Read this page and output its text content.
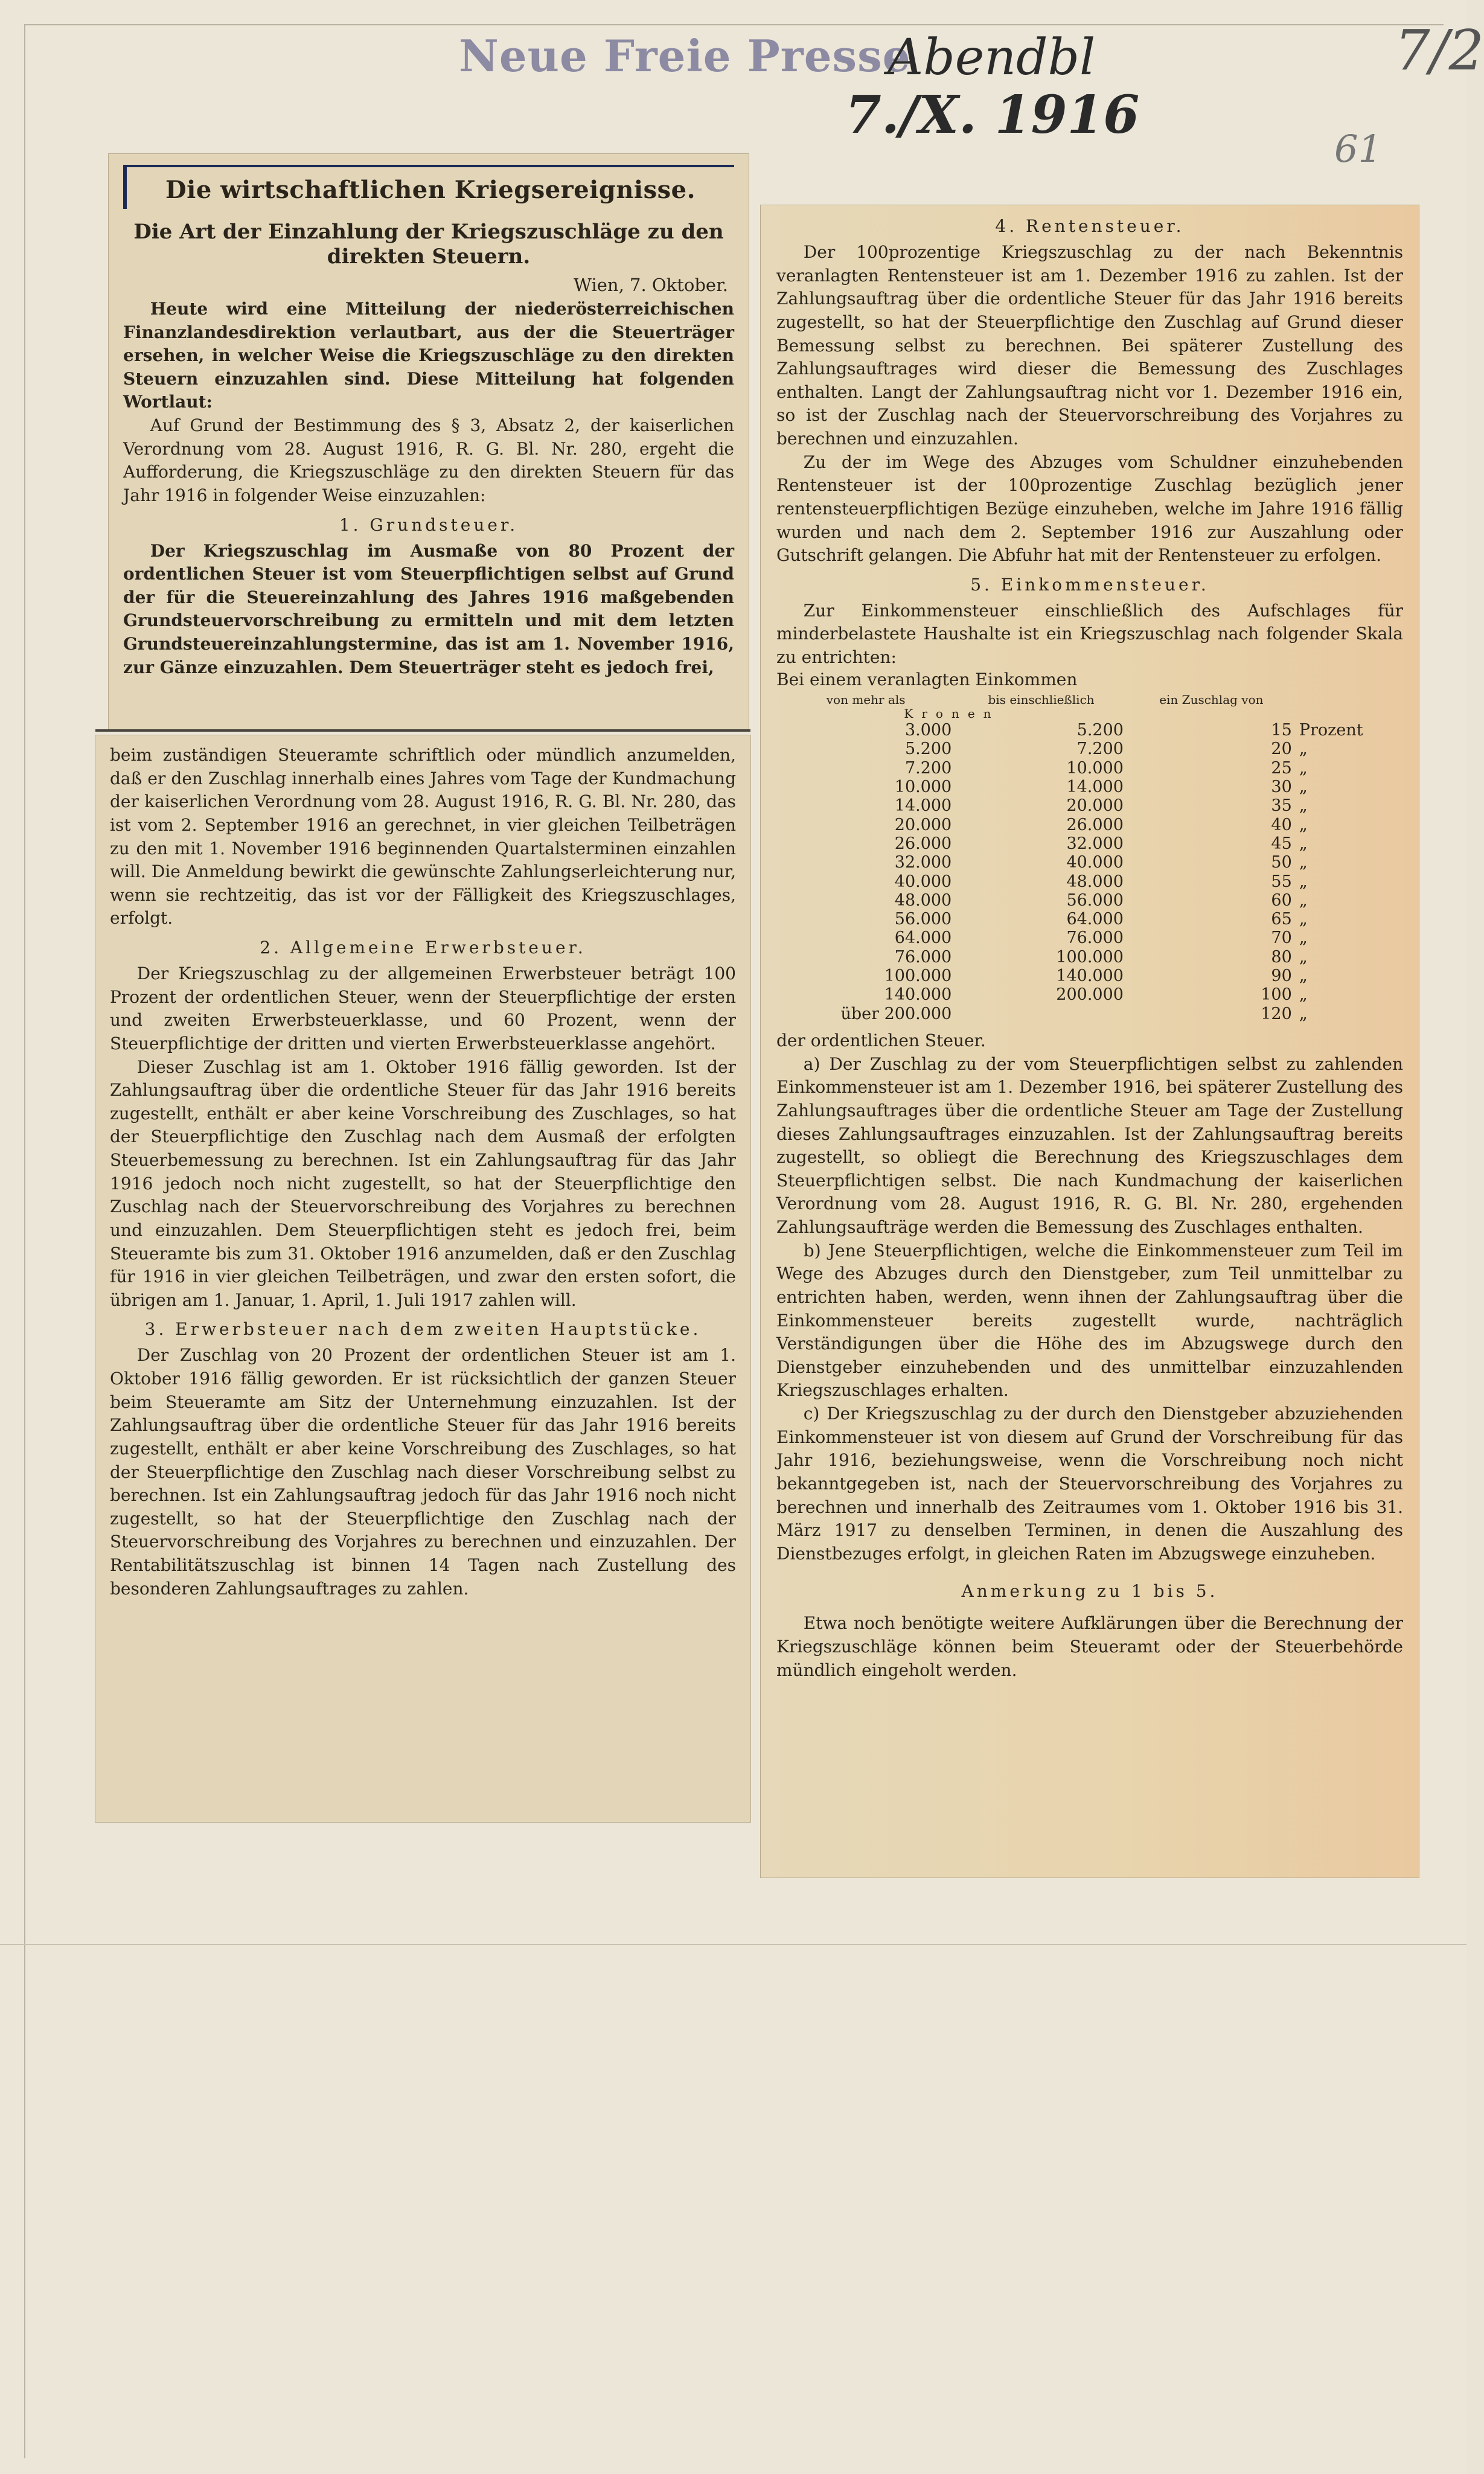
Neue Freie Presse
Abendbl
7./X. 1916
7/2
61
Die wirtschaftlichen Kriegsereignisse.
Die Art der Einzahlung der Kriegszuschläge zu den direkten Steuern.
Wien, 7. Oktober.

Heute wird eine Mitteilung der niederösterreichischen Finanzlandesdirektion verlautbart, aus der die Steuerträger ersehen, in welcher Weise die Kriegszuschläge zu den direkten Steuern einzuzahlen sind. Diese Mitteilung hat folgenden Wortlaut:

Auf Grund der Bestimmung des § 3, Absatz 2, der kaiserlichen Verordnung vom 28. August 1916, R. G. Bl. Nr. 280, ergeht die Aufforderung, die Kriegszuschläge zu den direkten Steuern für das Jahr 1916 in folgender Weise einzuzahlen:

1. Grundsteuer.

Der Kriegszuschlag im Ausmaße von 80 Prozent der ordentlichen Steuer ist vom Steuerpflichtigen selbst auf Grund der für die Steuereinzahlung des Jahres 1916 maßgebenden Grundsteuervorschreibung zu ermitteln und mit dem letzten Grundsteuereinzahlungstermine, das ist am 1. November 1916, zur Gänze einzuzahlen. Dem Steuerträger steht es jedoch frei,

beim zuständigen Steueramte schriftlich oder mündlich anzumelden, daß er den Zuschlag innerhalb eines Jahres vom Tage der Kundmachung der kaiserlichen Verordnung vom 28. August 1916, R. G. Bl. Nr. 280, das ist vom 2. September 1916 an gerechnet, in vier gleichen Teilbeträgen zu den mit 1. November 1916 beginnenden Quartalsterminen einzahlen will. Die Anmeldung bewirkt die gewünschte Zahlungserleichterung nur, wenn sie rechtzeitig, das ist vor der Fälligkeit des Kriegszuschlages, erfolgt.

2. Allgemeine Erwerbsteuer.

Der Kriegszuschlag zu der allgemeinen Erwerbsteuer beträgt 100 Prozent der ordentlichen Steuer, wenn der Steuerpflichtige der ersten und zweiten Erwerbsteuerklasse, und 60 Prozent, wenn der Steuerpflichtige der dritten und vierten Erwerbsteuerklasse angehört.

Dieser Zuschlag ist am 1. Oktober 1916 fällig geworden. Ist der Zahlungsauftrag über die ordentliche Steuer für das Jahr 1916 bereits zugestellt, enthält er aber keine Vorschreibung des Zuschlages, so hat der Steuerpflichtige den Zuschlag nach dem Ausmaß der erfolgten Steuerbemessung zu berechnen. Ist ein Zahlungsauftrag für das Jahr 1916 jedoch noch nicht zugestellt, so hat der Steuerpflichtige den Zuschlag nach der Steuervorschreibung des Vorjahres zu berechnen und einzuzahlen. Dem Steuerpflichtigen steht es jedoch frei, beim Steueramte bis zum 31. Oktober 1916 anzumelden, daß er den Zuschlag für 1916 in vier gleichen Teilbeträgen, und zwar den ersten sofort, die übrigen am 1. Januar, 1. April, 1. Juli 1917 zahlen will.

3. Erwerbsteuer nach dem zweiten Hauptstücke.

Der Zuschlag von 20 Prozent der ordentlichen Steuer ist am 1. Oktober 1916 fällig geworden. Er ist rücksichtlich der ganzen Steuer beim Steueramte am Sitz der Unternehmung einzuzahlen. Ist der Zahlungsauftrag über die ordentliche Steuer für das Jahr 1916 bereits zugestellt, enthält er aber keine Vorschreibung des Zuschlages, so hat der Steuerpflichtige den Zuschlag nach dieser Vorschreibung selbst zu berechnen. Ist ein Zahlungsauftrag jedoch für das Jahr 1916 noch nicht zugestellt, so hat der Steuerpflichtige den Zuschlag nach der Steuervorschreibung des Vorjahres zu berechnen und einzuzahlen. Der Rentabilitätszuschlag ist binnen 14 Tagen nach Zustellung des besonderen Zahlungsauftrages zu zahlen.

4. Rentensteuer.

Der 100prozentige Kriegszuschlag zu der nach Bekenntnis veranlagten Rentensteuer ist am 1. Dezember 1916 zu zahlen. Ist der Zahlungsauftrag über die ordentliche Steuer für das Jahr 1916 bereits zugestellt, so hat der Steuerpflichtige den Zuschlag auf Grund dieser Bemessung selbst zu berechnen. Bei späterer Zustellung des Zahlungsauftrages wird dieser die Bemessung des Zuschlages enthalten. Langt der Zahlungsauftrag nicht vor 1. Dezember 1916 ein, so ist der Zuschlag nach der Steuervorschreibung des Vorjahres zu berechnen und einzuzahlen.

Zu der im Wege des Abzuges vom Schuldner einzuhebenden Rentensteuer ist der 100prozentige Zuschlag bezüglich jener rentensteuerpflichtigen Bezüge einzuheben, welche im Jahre 1916 fällig wurden und nach dem 2. September 1916 zur Auszahlung oder Gutschrift gelangen. Die Abfuhr hat mit der Rentensteuer zu erfolgen.

5. Einkommensteuer.

Zur Einkommensteuer einschließlich des Aufschlages für minderbelastete Haushalte ist ein Kriegszuschlag nach folgender Skala zu entrichten:

Bei einem veranlagten Einkommen
von mehr als	bis einschließlich	ein Zuschlag von	
Kronen			
3.000	5.200	15	Prozent
5.200	7.200	20	„
7.200	10.000	25	„
10.000	14.000	30	„
14.000	20.000	35	„
20.000	26.000	40	„
26.000	32.000	45	„
32.000	40.000	50	„
40.000	48.000	55	„
48.000	56.000	60	„
56.000	64.000	65	„
64.000	76.000	70	„
76.000	100.000	80	„
100.000	140.000	90	„
140.000	200.000	100	„
über 200.000		120	„

der ordentlichen Steuer.

a) Der Zuschlag zu der vom Steuerpflichtigen selbst zu zahlenden Einkommensteuer ist am 1. Dezember 1916, bei späterer Zustellung des Zahlungsauftrages über die ordentliche Steuer am Tage der Zustellung dieses Zahlungsauftrages einzuzahlen. Ist der Zahlungsauftrag bereits zugestellt, so obliegt die Berechnung des Kriegszuschlages dem Steuerpflichtigen selbst. Die nach Kundmachung der kaiserlichen Verordnung vom 28. August 1916, R. G. Bl. Nr. 280, ergehenden Zahlungsaufträge werden die Bemessung des Zuschlages enthalten.

b) Jene Steuerpflichtigen, welche die Einkommensteuer zum Teil im Wege des Abzuges durch den Dienstgeber, zum Teil unmittelbar zu entrichten haben, werden, wenn ihnen der Zahlungsauftrag über die Einkommensteuer bereits zugestellt wurde, nachträglich Verständigungen über die Höhe des im Abzugswege durch den Dienstgeber einzuhebenden und des unmittelbar einzuzahlenden Kriegszuschlages erhalten.

c) Der Kriegszuschlag zu der durch den Dienstgeber abzuziehenden Einkommensteuer ist von diesem auf Grund der Vorschreibung für das Jahr 1916, beziehungsweise, wenn die Vorschreibung noch nicht bekanntgegeben ist, nach der Steuervorschreibung des Vorjahres zu berechnen und innerhalb des Zeitraumes vom 1. Oktober 1916 bis 31. März 1917 zu denselben Terminen, in denen die Auszahlung des Dienstbezuges erfolgt, in gleichen Raten im Abzugswege einzuheben.

Anmerkung zu 1 bis 5.

Etwa noch benötigte weitere Aufklärungen über die Berechnung der Kriegszuschläge können beim Steueramt oder der Steuerbehörde mündlich eingeholt werden.
